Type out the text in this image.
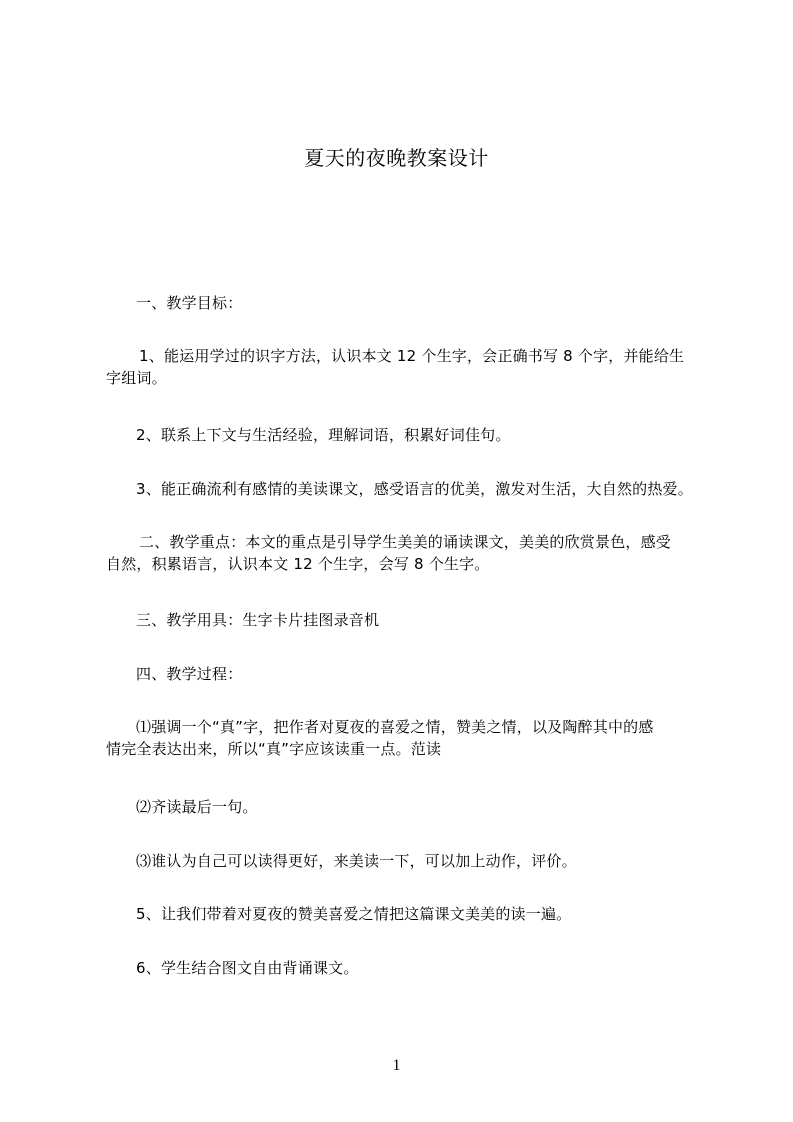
夏天的夜晚教案设计
一、教学目标：
1、能运用学过的识字方法，认识本文 12 个生字，会正确书写 8 个字，并能给生
字组词。
2、联系上下文与生活经验，理解词语，积累好词佳句。
3、能正确流利有感情的美读课文，感受语言的优美，激发对生活，大自然的热爱。
二、教学重点：本文的重点是引导学生美美的诵读课文，美美的欣赏景色，感受
自然，积累语言，认识本文 12 个生字，会写 8 个生字。
三、教学用具：生字卡片挂图录音机
四、教学过程：
⑴强调一个“真”字，把作者对夏夜的喜爱之情，赞美之情，以及陶醉其中的感
情完全表达出来，所以“真”字应该读重一点。范读
⑵齐读最后一句。
⑶谁认为自己可以读得更好，来美读一下，可以加上动作，评价。
5、让我们带着对夏夜的赞美喜爱之情把这篇课文美美的读一遍。
6、学生结合图文自由背诵课文。
1
